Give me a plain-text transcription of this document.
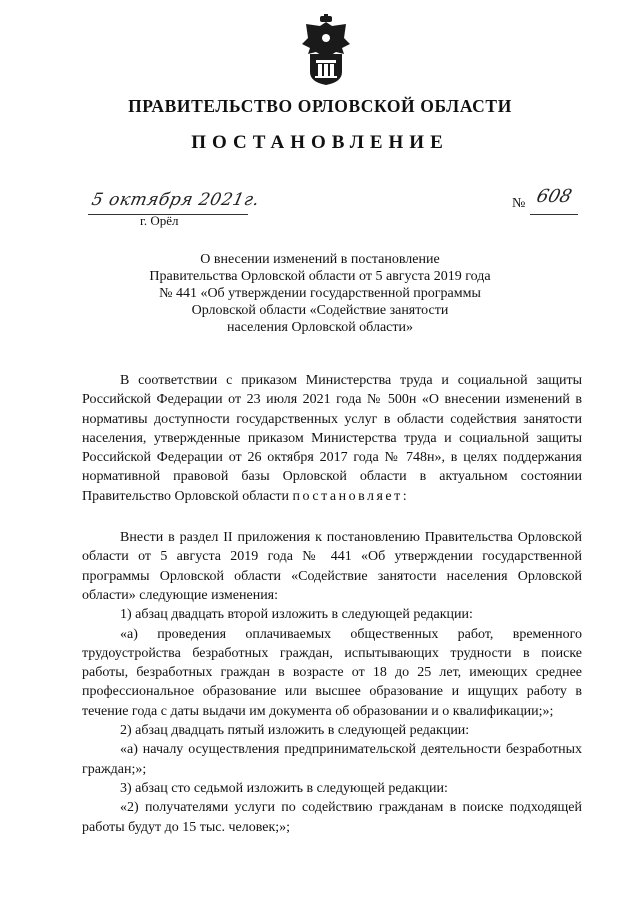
ПРАВИТЕЛЬСТВО ОРЛОВСКОЙ ОБЛАСТИ
ПОСТАНОВЛЕНИЕ
5 октября 2021г.
г. Орёл
№ 608
О внесении изменений в постановление
Правительства Орловской области от 5 августа 2019 года
№ 441 «Об утверждении государственной программы
Орловской области «Содействие занятости
населения Орловской области»
В соответствии с приказом Министерства труда и социальной защиты Российской Федерации от 23 июля 2021 года № 500н «О внесении изменений в нормативы доступности государственных услуг в области содействия занятости населения, утвержденные приказом Министерства труда и социальной защиты Российской Федерации от 26 октября 2017 года № 748н», в целях поддержания нормативной правовой базы Орловской области в актуальном состоянии Правительство Орловской области постановляет:
Внести в раздел II приложения к постановлению Правительства Орловской области от 5 августа 2019 года № 441 «Об утверждении государственной программы Орловской области «Содействие занятости населения Орловской области» следующие изменения:
1) абзац двадцать второй изложить в следующей редакции:
«а) проведения оплачиваемых общественных работ, временного трудоустройства безработных граждан, испытывающих трудности в поиске работы, безработных граждан в возрасте от 18 до 25 лет, имеющих среднее профессиональное образование или высшее образование и ищущих работу в течение года с даты выдачи им документа об образовании и о квалификации;»;
2) абзац двадцать пятый изложить в следующей редакции:
«а) началу осуществления предпринимательской деятельности безработных граждан;»;
3) абзац сто седьмой изложить в следующей редакции:
«2) получателями услуги по содействию гражданам в поиске подходящей работы будут до 15 тыс. человек;»;
